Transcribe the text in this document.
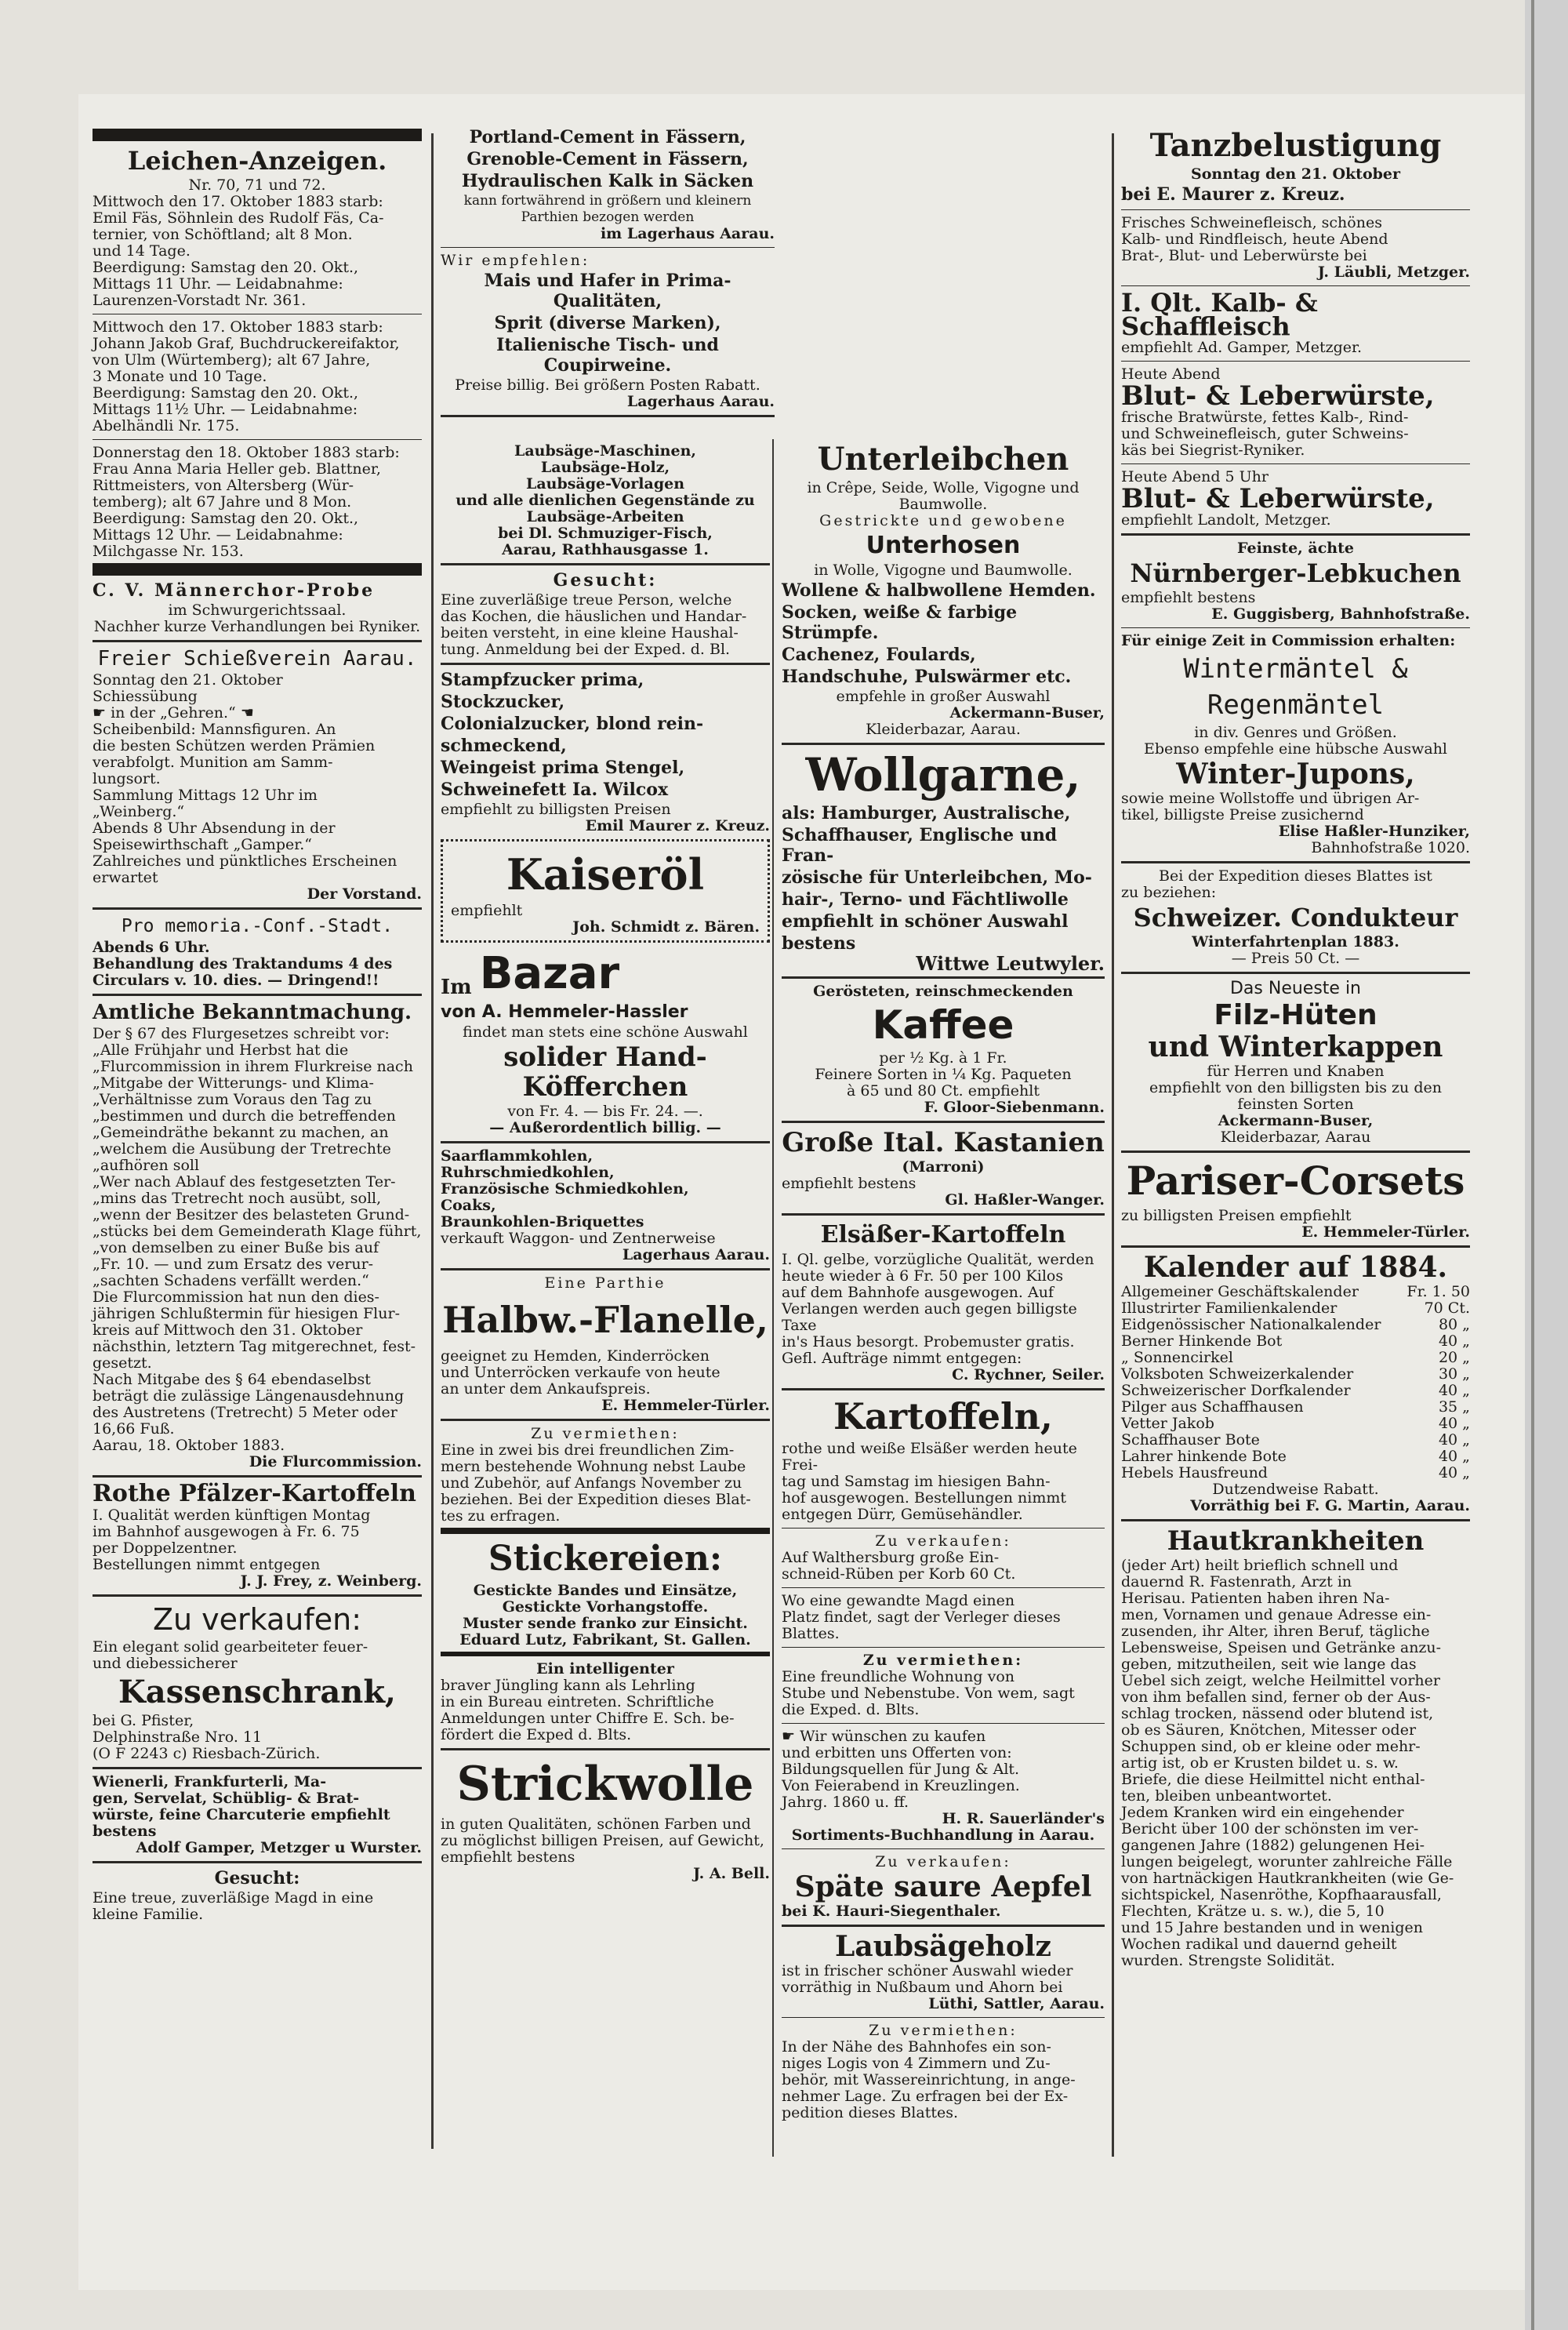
Leichen-Anzeigen.
Nr. 70, 71 und 72.
Mittwoch den 17. Oktober 1883 starb:
Emil Fäs, Söhnlein des Rudolf Fäs, Ca-
ternier, von Schöftland; alt 8 Mon.
und 14 Tage.
Beerdigung: Samstag den 20. Okt.,
Mittags 11 Uhr. — Leidabnahme:
Laurenzen-Vorstadt Nr. 361.
Mittwoch den 17. Oktober 1883 starb:
Johann Jakob Graf, Buchdruckereifaktor,
von Ulm (Würtemberg); alt 67 Jahre,
3 Monate und 10 Tage.
Beerdigung: Samstag den 20. Okt.,
Mittags 11½ Uhr. — Leidabnahme:
Abelhändli Nr. 175.
Donnerstag den 18. Oktober 1883 starb:
Frau Anna Maria Heller geb. Blattner,
Rittmeisters, von Altersberg (Wür-
temberg); alt 67 Jahre und 8 Mon.
Beerdigung: Samstag den 20. Okt.,
Mittags 12 Uhr. — Leidabnahme:
Milchgasse Nr. 153.
C. V. Männerchor-Probe
im Schwurgerichtssaal.
Nachher kurze Verhandlungen bei Ryniker.
Freier Schießverein Aarau.
Sonntag den 21. Oktober
Schiessübung
☛ in der „Gehren.“ ☚
Scheibenbild: Mannsfiguren. An
die besten Schützen werden Prämien
verabfolgt. Munition am Samm-
lungsort.
Sammlung Mittags 12 Uhr im
„Weinberg.“
Abends 8 Uhr Absendung in der
Speisewirthschaft „Gamper.“
Zahlreiches und pünktliches Erscheinen
erwartet
Der Vorstand.
Pro memoria.-Conf.-Stadt.
Abends 6 Uhr.
Behandlung des Traktandums 4 des
Circulars v. 10. dies. — Dringend!!
Amtliche Bekanntmachung.
Der § 67 des Flurgesetzes schreibt vor:
„Alle Frühjahr und Herbst hat die
„Flurcommission in ihrem Flurkreise nach
„Mitgabe der Witterungs- und Klima-
„Verhältnisse zum Voraus den Tag zu
„bestimmen und durch die betreffenden
„Gemeindräthe bekannt zu machen, an
„welchem die Ausübung der Tretrechte
„aufhören soll
„Wer nach Ablauf des festgesetzten Ter-
„mins das Tretrecht noch ausübt, soll,
„wenn der Besitzer des belasteten Grund-
„stücks bei dem Gemeinderath Klage führt,
„von demselben zu einer Buße bis auf
„Fr. 10. — und zum Ersatz des verur-
„sachten Schadens verfällt werden.“
Die Flurcommission hat nun den dies-
jährigen Schlußtermin für hiesigen Flur-
kreis auf Mittwoch den 31. Oktober
nächsthin, letztern Tag mitgerechnet, fest-
gesetzt.
Nach Mitgabe des § 64 ebendaselbst
beträgt die zulässige Längenausdehnung
des Austretens (Tretrecht) 5 Meter oder
16,66 Fuß.
Aarau, 18. Oktober 1883.
Die Flurcommission.
Rothe Pfälzer-Kartoffeln
I. Qualität werden künftigen Montag
im Bahnhof ausgewogen à Fr. 6. 75
per Doppelzentner.
Bestellungen nimmt entgegen
J. J. Frey, z. Weinberg.
Zu verkaufen:
Ein elegant solid gearbeiteter feuer-
und diebessicherer
Kassenschrank,
bei G. Pfister,
Delphinstraße Nro. 11
(O F 2243 c) Riesbach-Zürich.
Wienerli, Frankfurterli, Ma-
gen, Servelat, Schüblig- & Brat-
würste, feine Charcuterie empfiehlt
bestens
Adolf Gamper, Metzger u Wurster.
Gesucht:
Eine treue, zuverläßige Magd in eine
kleine Familie.
Portland-Cement in Fässern,
Grenoble-Cement in Fässern,
Hydraulischen Kalk in Säcken
kann fortwährend in größern und kleinern Parthien bezogen werden
im Lagerhaus Aarau.
Wir empfehlen:
Mais und Hafer in Prima-Qualitäten,
Sprit (diverse Marken),
Italienische Tisch- und Coupirweine.
Preise billig. Bei größern Posten Rabatt.
Lagerhaus Aarau.
Laubsäge-Maschinen,
Laubsäge-Holz,
Laubsäge-Vorlagen
und alle dienlichen Gegenstände zu
Laubsäge-Arbeiten
bei Dl. Schmuziger-Fisch,
Aarau, Rathhausgasse 1.
Gesucht:
Eine zuverläßige treue Person, welche
das Kochen, die häuslichen und Handar-
beiten versteht, in eine kleine Haushal-
tung. Anmeldung bei der Exped. d. Bl.
Stampfzucker prima,
Stockzucker,
Colonialzucker, blond rein-
schmeckend,
Weingeist prima Stengel,
Schweinefett Ia. Wilcox
empfiehlt zu billigsten Preisen
Emil Maurer z. Kreuz.
Kaiseröl
empfiehlt
Joh. Schmidt z. Bären.
Im Bazar
von A. Hemmeler-Hassler
findet man stets eine schöne Auswahl
solider Hand-Köfferchen
von Fr. 4. — bis Fr. 24. —.
— Außerordentlich billig. —
Saarflammkohlen,
Ruhrschmiedkohlen,
Französische Schmiedkohlen,
Coaks,
Braunkohlen-Briquettes
verkauft Waggon- und Zentnerweise
Lagerhaus Aarau.
Eine Parthie
Halbw.-Flanelle,
geeignet zu Hemden, Kinderröcken
und Unterröcken verkaufe von heute
an unter dem Ankaufspreis.
E. Hemmeler-Türler.
Zu vermiethen:
Eine in zwei bis drei freundlichen Zim-
mern bestehende Wohnung nebst Laube
und Zubehör, auf Anfangs November zu
beziehen. Bei der Expedition dieses Blat-
tes zu erfragen.
Stickereien:
Gestickte Bandes und Einsätze,
Gestickte Vorhangstoffe.
Muster sende franko zur Einsicht.
Eduard Lutz, Fabrikant, St. Gallen.
Ein intelligenter
braver Jüngling kann als Lehrling
in ein Bureau eintreten. Schriftliche
Anmeldungen unter Chiffre E. Sch. be-
fördert die Exped d. Blts.
Strickwolle
in guten Qualitäten, schönen Farben und
zu möglichst billigen Preisen, auf Gewicht,
empfiehlt bestens
J. A. Bell.
Unterleibchen
in Crêpe, Seide, Wolle, Vigogne und
Baumwolle.
Gestrickte und gewobene
Unterhosen
in Wolle, Vigogne und Baumwolle.
Wollene & halbwollene Hemden.
Socken, weiße & farbige Strümpfe.
Cachenez, Foulards,
Handschuhe, Pulswärmer etc.
empfehle in großer Auswahl
Ackermann-Buser,
Kleiderbazar, Aarau.
Wollgarne,
als: Hamburger, Australische,
Schaffhauser, Englische und Fran-
zösische für Unterleibchen, Mo-
hair-, Terno- und Fächtliwolle
empfiehlt in schöner Auswahl
bestens
Wittwe Leutwyler.
Gerösteten, reinschmeckenden
Kaffee
per ½ Kg. à 1 Fr.
Feinere Sorten in ¼ Kg. Paqueten
à 65 und 80 Ct. empfiehlt
F. Gloor-Siebenmann.
Große Ital. Kastanien
(Marroni)
empfiehlt bestens
Gl. Haßler-Wanger.
Elsäßer-Kartoffeln
I. Ql. gelbe, vorzügliche Qualität, werden
heute wieder à 6 Fr. 50 per 100 Kilos
auf dem Bahnhofe ausgewogen. Auf
Verlangen werden auch gegen billigste Taxe
in's Haus besorgt. Probemuster gratis.
Gefl. Aufträge nimmt entgegen:
C. Rychner, Seiler.
Kartoffeln,
rothe und weiße Elsäßer werden heute Frei-
tag und Samstag im hiesigen Bahn-
hof ausgewogen. Bestellungen nimmt
entgegen Dürr, Gemüsehändler.
Zu verkaufen:
Auf Walthersburg große Ein-
schneid-Rüben per Korb 60 Ct.
Wo eine gewandte Magd einen
Platz findet, sagt der Verleger dieses
Blattes.
Zu vermiethen:
Eine freundliche Wohnung von
Stube und Nebenstube. Von wem, sagt
die Exped. d. Blts.
☛ Wir wünschen zu kaufen
und erbitten uns Offerten von:
Bildungsquellen für Jung & Alt.
Von Feierabend in Kreuzlingen.
Jahrg. 1860 u. ff.
H. R. Sauerländer's
Sortiments-Buchhandlung in Aarau.
Zu verkaufen:
Späte saure Aepfel
bei K. Hauri-Siegenthaler.
Laubsägeholz
ist in frischer schöner Auswahl wieder
vorräthig in Nußbaum und Ahorn bei
Lüthi, Sattler, Aarau.
Zu vermiethen:
In der Nähe des Bahnhofes ein son-
niges Logis von 4 Zimmern und Zu-
behör, mit Wassereinrichtung, in ange-
nehmer Lage. Zu erfragen bei der Ex-
pedition dieses Blattes.
Tanzbelustigung
Sonntag den 21. Oktober
bei E. Maurer z. Kreuz.
Frisches Schweinefleisch, schönes
Kalb- und Rindfleisch, heute Abend
Brat-, Blut- und Leberwürste bei
J. Läubli, Metzger.
I. Qlt. Kalb- & Schaffleisch
empfiehlt Ad. Gamper, Metzger.
Heute Abend
Blut- & Leberwürste,
frische Bratwürste, fettes Kalb-, Rind-
und Schweinefleisch, guter Schweins-
käs bei Siegrist-Ryniker.
Heute Abend 5 Uhr
Blut- & Leberwürste,
empfiehlt Landolt, Metzger.
Feinste, ächte
Nürnberger-Lebkuchen
empfiehlt bestens
E. Guggisberg, Bahnhofstraße.
Für einige Zeit in Commission erhalten:
Wintermäntel & Regenmäntel
in div. Genres und Größen.
Ebenso empfehle eine hübsche Auswahl
Winter-Jupons,
sowie meine Wollstoffe und übrigen Ar-
tikel, billigste Preise zusichernd
Elise Haßler-Hunziker,
Bahnhofstraße 1020.
Bei der Expedition dieses Blattes ist
zu beziehen:
Schweizer. Condukteur
Winterfahrtenplan 1883.
— Preis 50 Ct. —
Das Neueste in
Filz-Hüten
und Winterkappen
für Herren und Knaben
empfiehlt von den billigsten bis zu den
feinsten Sorten
Ackermann-Buser,
Kleiderbazar, Aarau
Pariser-Corsets
zu billigsten Preisen empfiehlt
E. Hemmeler-Türler.
Kalender auf 1884.
Allgemeiner Geschäftskalender	Fr. 1. 50
Illustrirter Familienkalender	70 Ct.
Eidgenössischer Nationalkalender	80 „
Berner Hinkende Bot	40 „
„ Sonnencirkel	20 „
Volksboten Schweizerkalender	30 „
Schweizerischer Dorfkalender	40 „
Pilger aus Schaffhausen	35 „
Vetter Jakob	40 „
Schaffhauser Bote	40 „
Lahrer hinkende Bote	40 „
Hebels Hausfreund	40 „
Dutzendweise Rabatt.
Vorräthig bei F. G. Martin, Aarau.
Hautkrankheiten
(jeder Art) heilt brieflich schnell und
dauernd R. Fastenrath, Arzt in
Herisau. Patienten haben ihren Na-
men, Vornamen und genaue Adresse ein-
zusenden, ihr Alter, ihren Beruf, tägliche
Lebensweise, Speisen und Getränke anzu-
geben, mitzutheilen, seit wie lange das
Uebel sich zeigt, welche Heilmittel vorher
von ihm befallen sind, ferner ob der Aus-
schlag trocken, nässend oder blutend ist,
ob es Säuren, Knötchen, Mitesser oder
Schuppen sind, ob er kleine oder mehr-
artig ist, ob er Krusten bildet u. s. w.
Briefe, die diese Heilmittel nicht enthal-
ten, bleiben unbeantwortet.
Jedem Kranken wird ein eingehender
Bericht über 100 der schönsten im ver-
gangenen Jahre (1882) gelungenen Hei-
lungen beigelegt, worunter zahlreiche Fälle
von hartnäckigen Hautkrankheiten (wie Ge-
sichtspickel, Nasenröthe, Kopfhaarausfall,
Flechten, Krätze u. s. w.), die 5, 10
und 15 Jahre bestanden und in wenigen
Wochen radikal und dauernd geheilt
wurden. Strengste Solidität.
